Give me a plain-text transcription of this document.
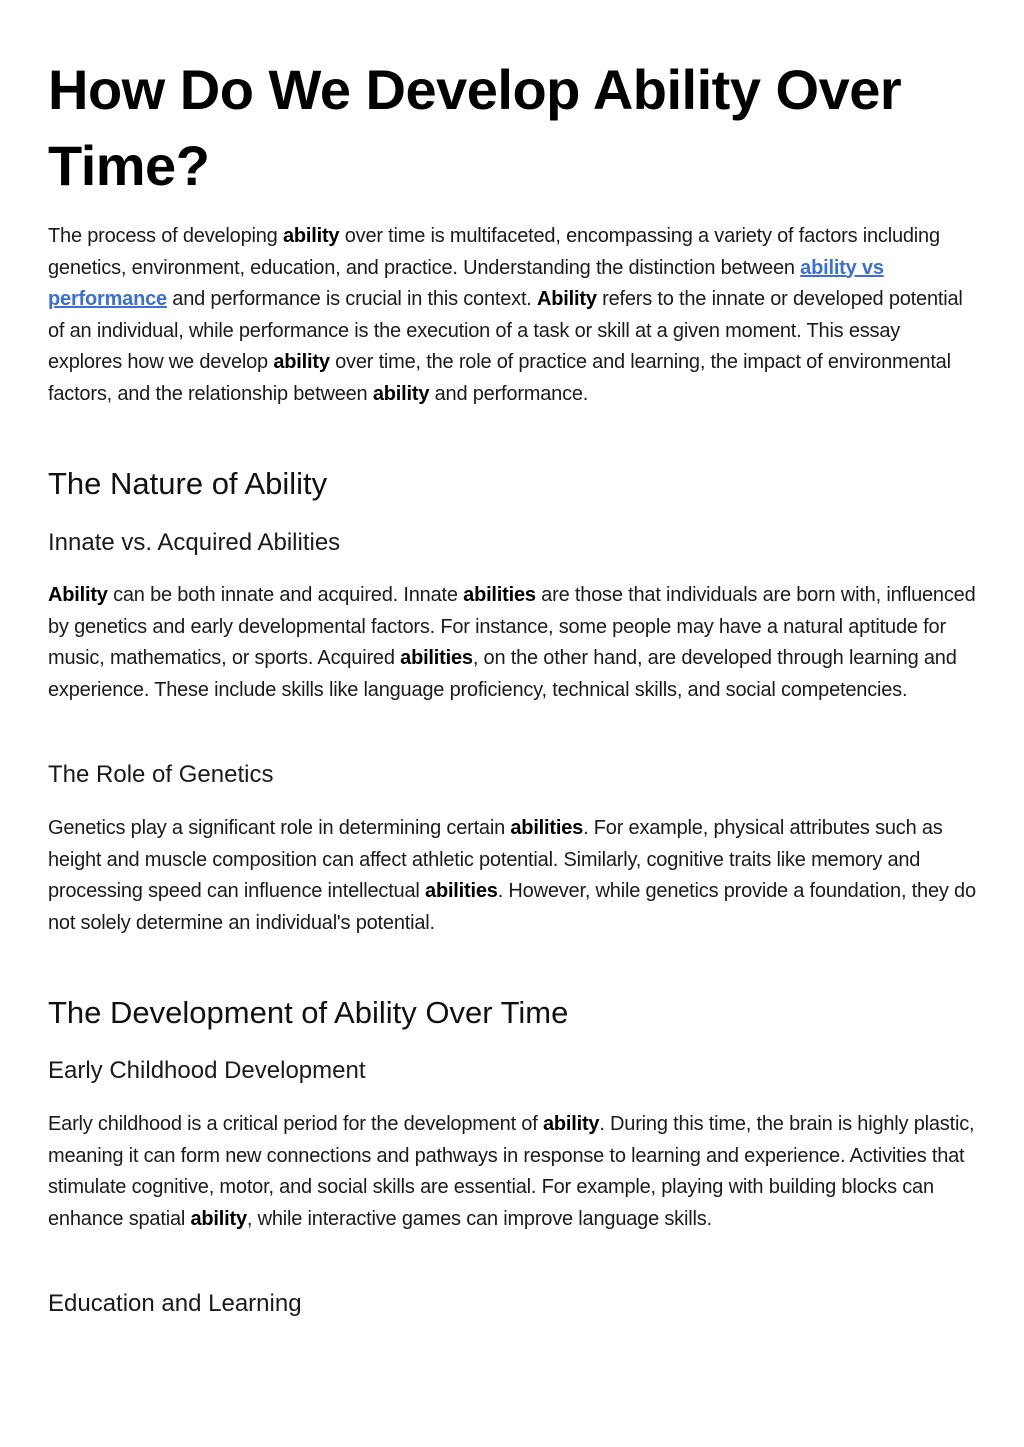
How Do We Develop Ability Over Time?

The process of developing ability over time is multifaceted, encompassing a variety of factors including genetics, environment, education, and practice. Understanding the distinction between ability vs performance and performance is crucial in this context. Ability refers to the innate or developed potential of an individual, while performance is the execution of a task or skill at a given moment. This essay explores how we develop ability over time, the role of practice and learning, the impact of environmental factors, and the relationship between ability and performance.

The Nature of Ability
Innate vs. Acquired Abilities

Ability can be both innate and acquired. Innate abilities are those that individuals are born with, influenced by genetics and early developmental factors. For instance, some people may have a natural aptitude for music, mathematics, or sports. Acquired abilities, on the other hand, are developed through learning and experience. These include skills like language proficiency, technical skills, and social competencies.

The Role of Genetics

Genetics play a significant role in determining certain abilities. For example, physical attributes such as height and muscle composition can affect athletic potential. Similarly, cognitive traits like memory and processing speed can influence intellectual abilities. However, while genetics provide a foundation, they do not solely determine an individual's potential.

The Development of Ability Over Time
Early Childhood Development

Early childhood is a critical period for the development of ability. During this time, the brain is highly plastic, meaning it can form new connections and pathways in response to learning and experience. Activities that stimulate cognitive, motor, and social skills are essential. For example, playing with building blocks can enhance spatial ability, while interactive games can improve language skills.

Education and Learning
